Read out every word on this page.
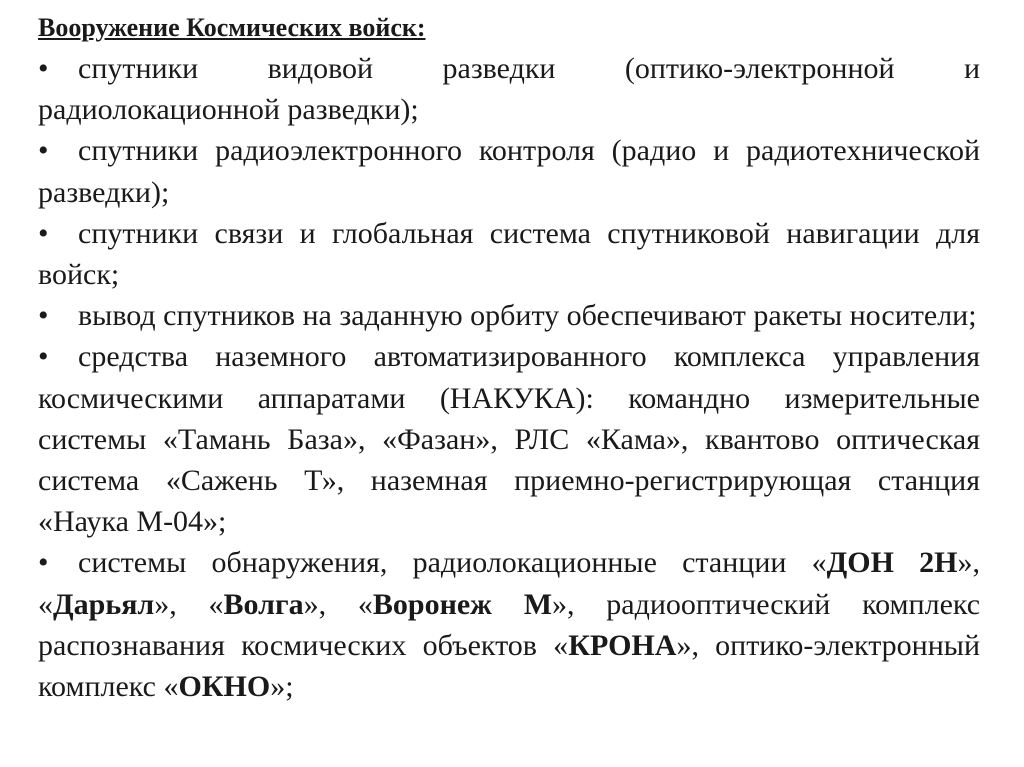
Вооружение Космических войск:

• спутники видовой разведки (оптико-электронной и радиолокационной разведки);
• спутники радиоэлектронного контроля (радио и радиотехнической разведки);
• спутники связи и глобальная система спутниковой навигации для войск;
• вывод спутников на заданную орбиту обеспечивают ракеты носители;
• средства наземного автоматизированного комплекса управления космическими аппаратами (НАКУКА): командно измерительные системы «Тамань База», «Фазан», РЛС «Кама», квантово оптическая система «Сажень Т», наземная приемно-регистрирующая станция «Наука М-04»;
• системы обнаружения, радиолокационные станции «ДОН 2Н», «Дарьял», «Волга», «Воронеж М», радиооптический комплекс распознавания космических объектов «КРОНА», оптико-электронный комплекс «ОКНО»;
